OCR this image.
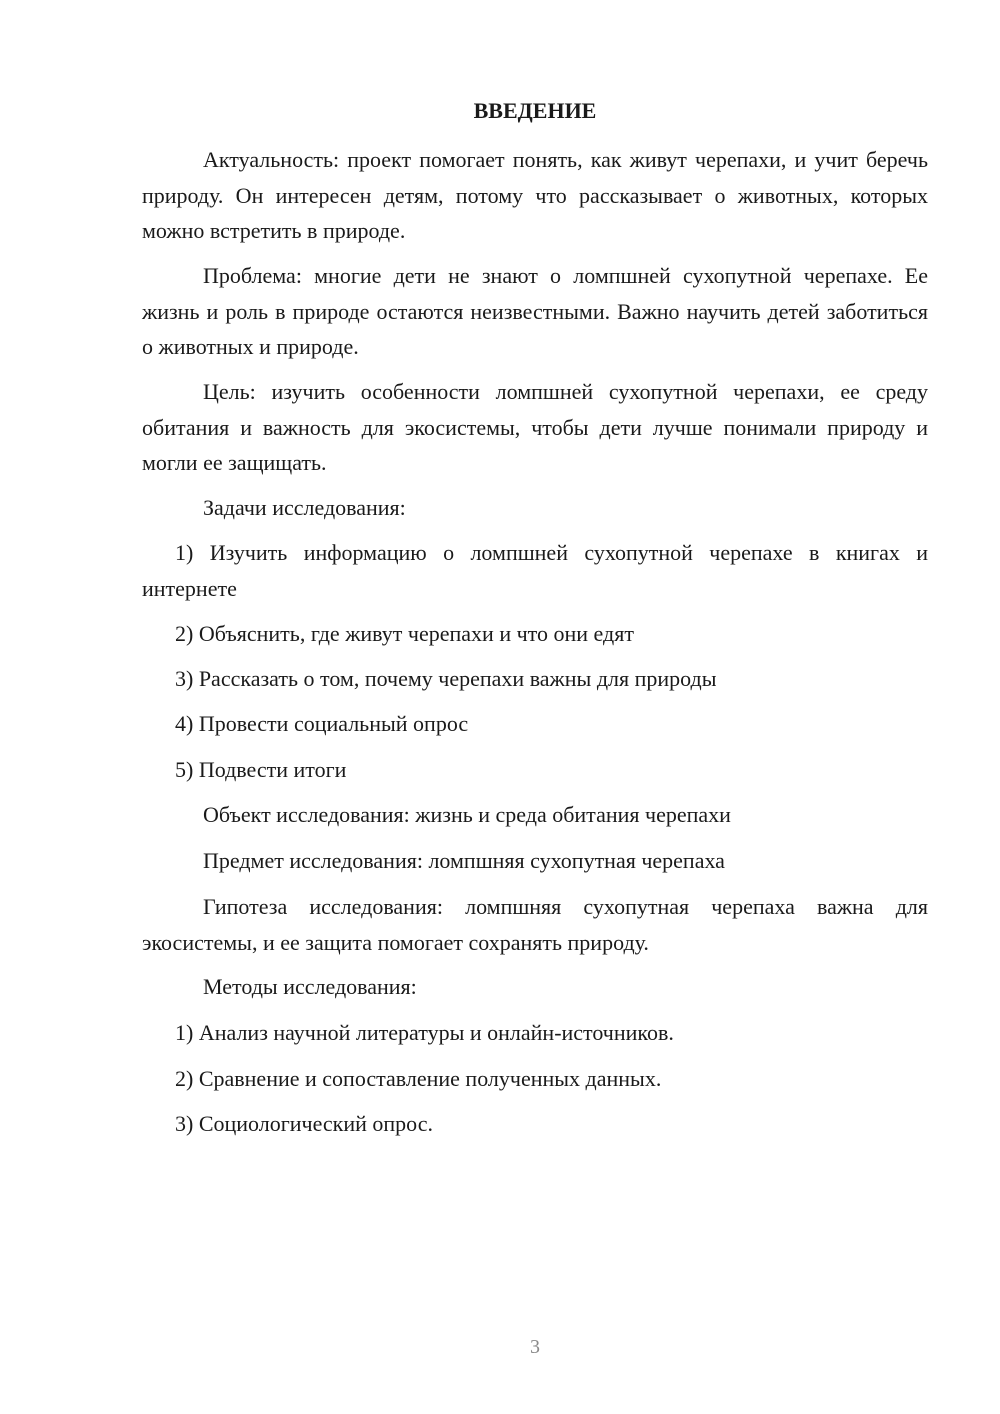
ВВЕДЕНИЕ

Актуальность: проект помогает понять, как живут черепахи, и учит беречь природу. Он интересен детям, потому что рассказывает о животных, которых можно встретить в природе.

Проблема: многие дети не знают о ломпшней сухопутной черепахе. Ее жизнь и роль в природе остаются неизвестными. Важно научить детей заботиться о животных и природе.

Цель: изучить особенности ломпшней сухопутной черепахи, ее среду обитания и важность для экосистемы, чтобы дети лучше понимали природу и могли ее защищать.

Задачи исследования:

1) Изучить информацию о ломпшней сухопутной черепахе в книгах и интернете

2) Объяснить, где живут черепахи и что они едят

3) Рассказать о том, почему черепахи важны для природы

4) Провести социальный опрос

5) Подвести итоги

Объект исследования: жизнь и среда обитания черепахи

Предмет исследования: ломпшняя сухопутная черепаха

Гипотеза исследования: ломпшняя сухопутная черепаха важна для экосистемы, и ее защита помогает сохранять природу.

Методы исследования:

1) Анализ научной литературы и онлайн-источников.

2) Сравнение и сопоставление полученных данных.

3) Социологический опрос.

3
